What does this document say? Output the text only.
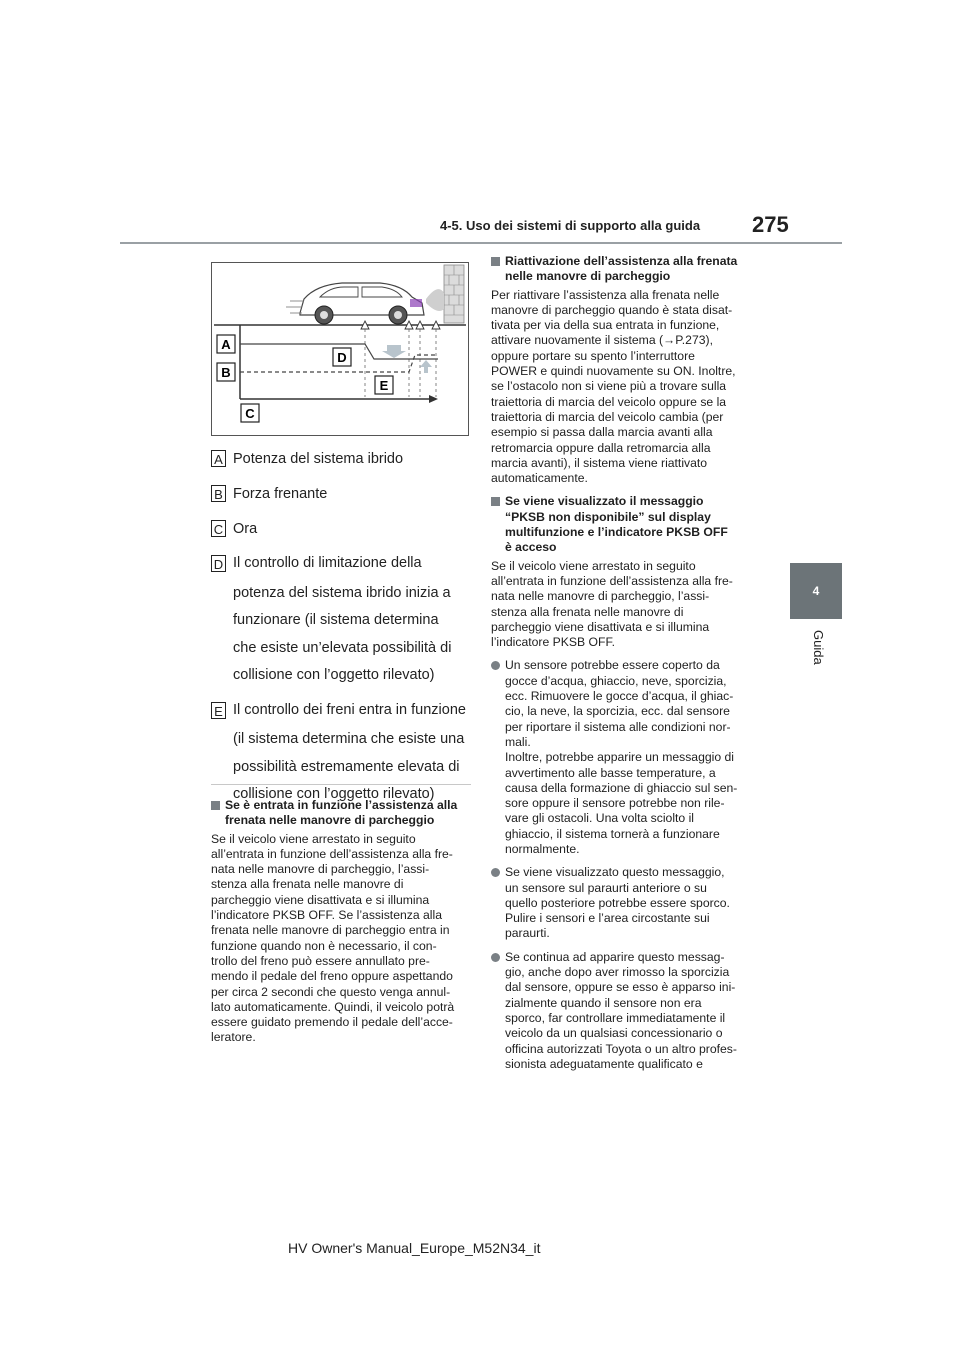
4-5. Uso dei sistemi di supporto alla guida 275
4
Guida
A
B
C
D
E
A Potenza del sistema ibrido

B Forza frenante

C Ora

D Il controllo di limitazione della

potenza del sistema ibrido inizia a

funzionare (il sistema determina

che esiste un’elevata possibilità di

collisione con l’oggetto rilevato)

E Il controllo dei freni entra in funzione

(il sistema determina che esiste una

possibilità estremamente elevata di

collisione con l’oggetto rilevato)

Se è entrata in funzione l’assistenza alla
frenata nelle manovre di parcheggio
Se il veicolo viene arrestato in seguito
all’entrata in funzione dell’assistenza alla fre-
nata nelle manovre di parcheggio, l’assi-
stenza alla frenata nelle manovre di
parcheggio viene disattivata e si illumina
l’indicatore PKSB OFF. Se l’assistenza alla
frenata nelle manovre di parcheggio entra in
funzione quando non è necessario, il con-
trollo del freno può essere annullato pre-
mendo il pedale del freno oppure aspettando
per circa 2 secondi che questo venga annul-
lato automaticamente. Quindi, il veicolo potrà
essere guidato premendo il pedale dell’acce-
leratore.
Riattivazione dell’assistenza alla frenata
nelle manovre di parcheggio
Per riattivare l’assistenza alla frenata nelle
manovre di parcheggio quando è stata disat-
tivata per via della sua entrata in funzione,
attivare nuovamente il sistema (→P.273),
oppure portare su spento l’interruttore
POWER e quindi nuovamente su ON. Inoltre,
se l’ostacolo non si viene più a trovare sulla
traiettoria di marcia del veicolo oppure se la
traiettoria di marcia del veicolo cambia (per
esempio si passa dalla marcia avanti alla
retromarcia oppure dalla retromarcia alla
marcia avanti), il sistema viene riattivato
automaticamente.
Se viene visualizzato il messaggio
“PKSB non disponibile” sul display
multifunzione e l’indicatore PKSB OFF
è acceso
Se il veicolo viene arrestato in seguito
all’entrata in funzione dell’assistenza alla fre-
nata nelle manovre di parcheggio, l’assi-
stenza alla frenata nelle manovre di
parcheggio viene disattivata e si illumina
l’indicatore PKSB OFF.
Un sensore potrebbe essere coperto da
gocce d’acqua, ghiaccio, neve, sporcizia,
ecc. Rimuovere le gocce d’acqua, il ghiac-
cio, la neve, la sporcizia, ecc. dal sensore
per riportare il sistema alle condizioni nor-
mali.
Inoltre, potrebbe apparire un messaggio di
avvertimento alle basse temperature, a
causa della formazione di ghiaccio sul sen-
sore oppure il sensore potrebbe non rile-
vare gli ostacoli. Una volta sciolto il
ghiaccio, il sistema tornerà a funzionare
normalmente.
Se viene visualizzato questo messaggio,
un sensore sul paraurti anteriore o su
quello posteriore potrebbe essere sporco.
Pulire i sensori e l’area circostante sui
paraurti.
Se continua ad apparire questo messag-
gio, anche dopo aver rimosso la sporcizia
dal sensore, oppure se esso è apparso ini-
zialmente quando il sensore non era
sporco, far controllare immediatamente il
veicolo da un qualsiasi concessionario o
officina autorizzati Toyota o un altro profes-
sionista adeguatamente qualificato e
HV Owner's Manual_Europe_M52N34_it
